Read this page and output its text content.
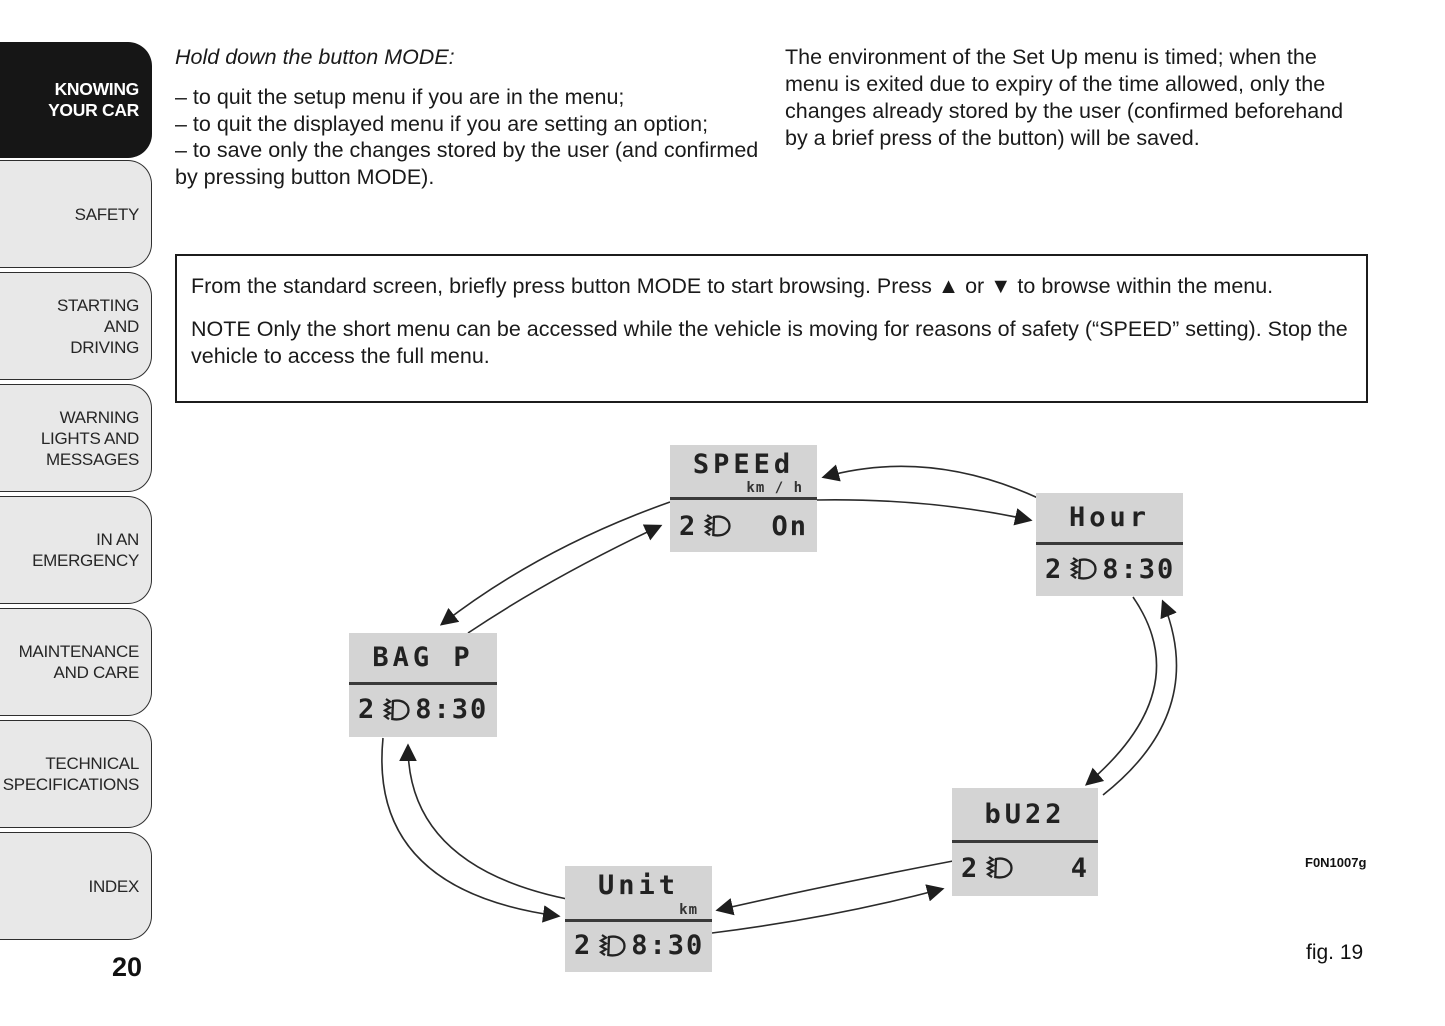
KNOWING
YOUR CAR
SAFETY
STARTING
AND
DRIVING
WARNING
LIGHTS AND
MESSAGES
IN AN
EMERGENCY
MAINTENANCE
AND CARE
TECHNICAL
SPECIFICATIONS
INDEX
20

Hold down the button MODE:

– to quit the setup menu if you are in the menu;

– to quit the displayed menu if you are setting an option;

– to save only the changes stored by the user (and confirmed by pressing button MODE).

The environment of the Set Up menu is timed; when the menu is exited due to expiry of the time allowed, only the changes already stored by the user (confirmed beforehand by a brief press of the button) will be saved.

From the standard screen, briefly press button MODE to start browsing. Press ▲ or ▼ to browse within the menu.

NOTE Only the short menu can be accessed while the vehicle is moving for reasons of safety (“SPEED” setting). Stop the vehicle to access the full menu.

SPEEd
km / h
2	On	Hour
2 8:30
BAG P
2 8:30
Unit
km
2 8:30
bU22
2	4	F0N1007g
fig. 19
